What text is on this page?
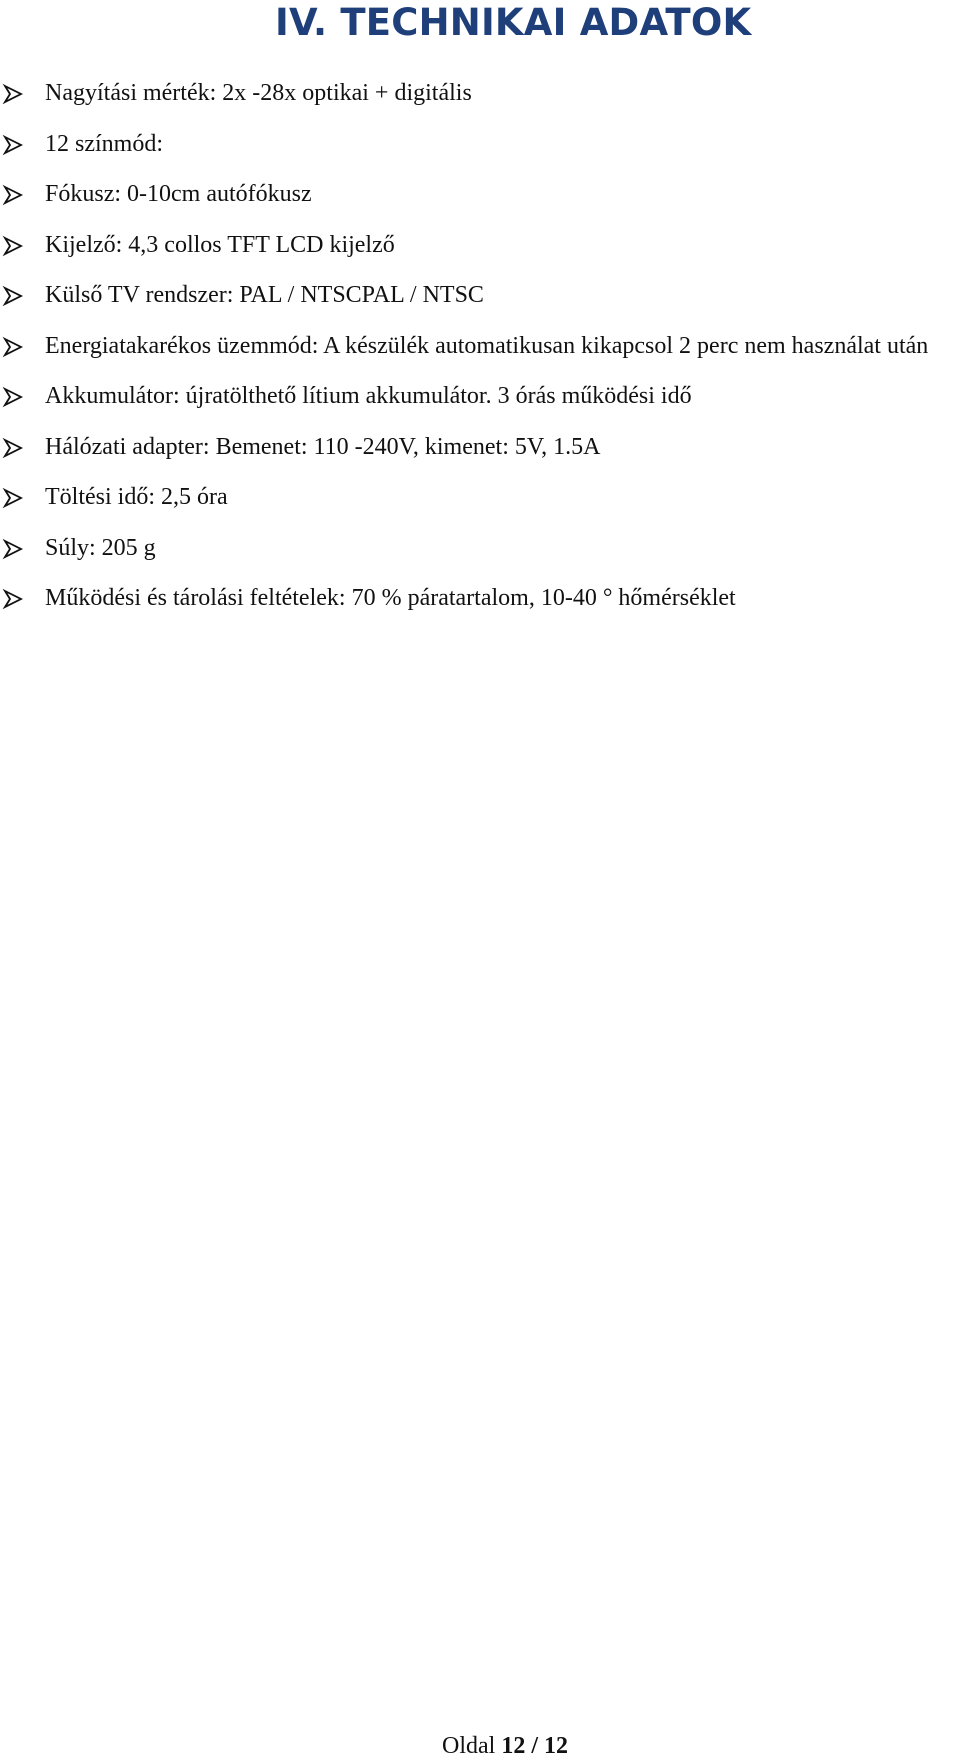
IV. TECHNIKAI ADATOK
Nagyítási mérték: 2x -28x optikai + digitális
12 színmód:
Fókusz: 0-10cm autófókusz
Kijelző: 4,3 collos TFT LCD kijelző
Külső TV rendszer: PAL / NTSCPAL / NTSC
Energiatakarékos üzemmód: A készülék automatikusan kikapcsol 2 perc nem használat után
Akkumulátor: újratölthető lítium akkumulátor. 3 órás működési idő
Hálózati adapter: Bemenet: 110 -240V, kimenet: 5V, 1.5A
Töltési idő: 2,5 óra
Súly: 205 g
Működési és tárolási feltételek: 70 % páratartalom, 10-40 ° hőmérséklet
Oldal 12 / 12
